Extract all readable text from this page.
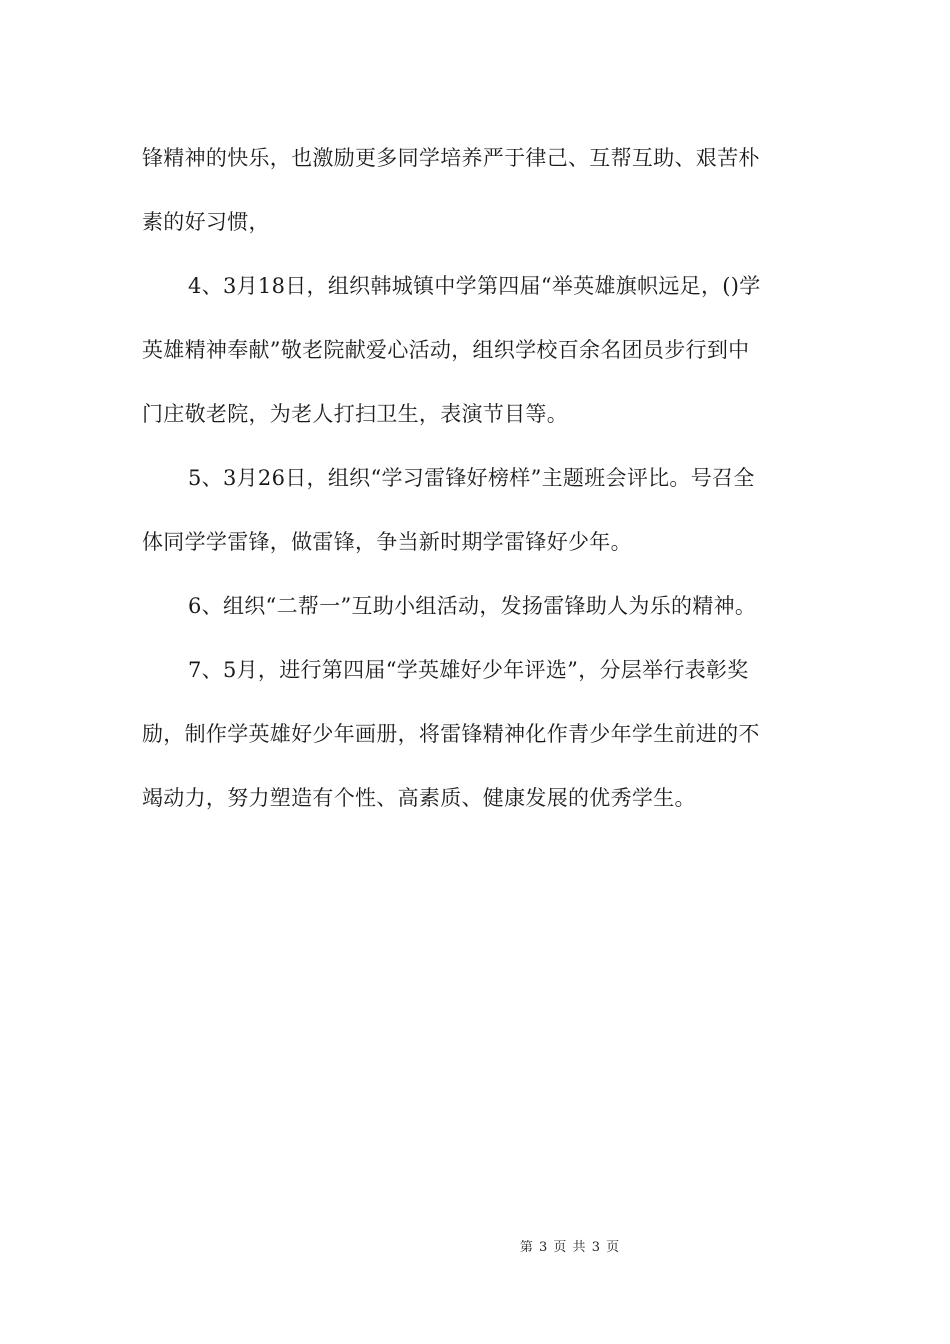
锋精神的快乐，也激励更多同学培养严于律己、互帮互助、艰苦朴
素的好习惯，
4、3月18日，组织韩城镇中学第四届“举英雄旗帜远足，()学
英雄精神奉献”敬老院献爱心活动，组织学校百余名团员步行到中
门庄敬老院，为老人打扫卫生，表演节目等。
5、3月26日，组织“学习雷锋好榜样”主题班会评比。号召全
体同学学雷锋，做雷锋，争当新时期学雷锋好少年。
6、组织“二帮一”互助小组活动，发扬雷锋助人为乐的精神。
7、5月，进行第四届“学英雄好少年评选”，分层举行表彰奖
励，制作学英雄好少年画册，将雷锋精神化作青少年学生前进的不
竭动力，努力塑造有个性、高素质、健康发展的优秀学生。
第 3 页 共 3 页
